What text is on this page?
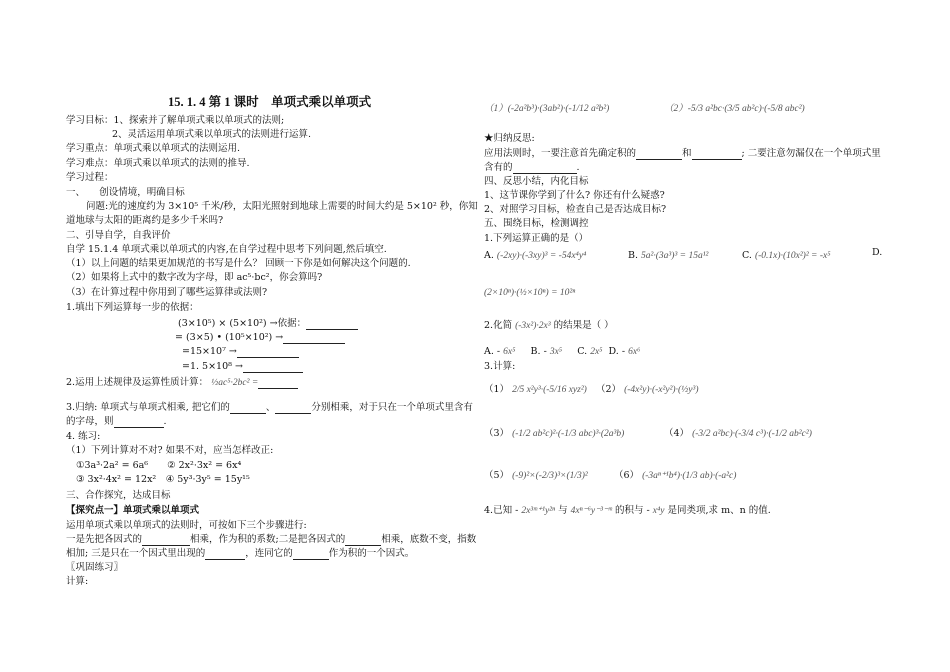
15. 1. 4 第 1 课时　单项式乘以单项式
学习目标：1、探索并了解单项式乘以单项式的法则;
2、灵活运用单项式乘以单项式的法则进行运算.
学习重点：单项式乘以单项式的法则运用.
学习难点：单项式乘以单项式的法则的推导.
学习过程：
一、　　创设情境，明确目标
问题:光的速度约为 3×10⁵ 千米/秒，太阳光照射到地球上需要的时间大约是 5×10² 秒，你知
道地球与太阳的距离约是多少千米吗?
二、引导自学，自我评价
自学 15.1.4 单项式乘以单项式的内容,在自学过程中思考下列问题,然后填空.
（1）以上问题的结果更加规范的书写是什么？ 回顾一下你是如何解决这个问题的.
（2）如果将上式中的数字改为字母，即 ac⁵·bc²，你会算吗?
（3）在计算过程中你用到了哪些运算律或法则?
1.填出下列运算每一步的依据：
(3×10⁵) × (5×10²) →依据：
= (3×5) • (10⁵×10²) →
=15×10⁷ →
=1. 5×10⁸ →
2.运用上述规律及运算性质计算： ½ac⁵·2bc² =
3.归纳: 单项式与单项式相乘, 把它们的	、	分别相乘，对于只在一个单项式里含有
的字母，则	.
4. 练习:
（1）下列计算对不对? 如果不对，应当怎样改正:
①3a³·2a² = 6a⁶　　② 2x²·3x² = 6x⁴
③ 3x²·4x² = 12x²　④ 5y³·3y⁵ = 15y¹⁵
三、合作探究，达成目标
【探究点一】单项式乘以单项式
运用单项式乘以单项式的法则时，可按如下三个步骤进行:
一是先把各因式的	相乘，作为积的系数;二是把各因式的	相乘，底数不变，指数
相加; 三是只在一个因式里出现的	，连同它的	作为积的一个因式。
〖巩固练习〗
计算:
（1）(-2a²b³)·(3ab²)·(-1/12 a²b²)	（2）-5/3 a²bc·(3/5 ab²c)·(-5/8 abc²)
★归纳反思:
应用法则时，一要注意首先确定积的	和	; 二要注意勿漏仅在一个单项式里
含有的	.
四、反思小结，内化目标
1、这节课你学到了什么? 你还有什么疑惑?
2、对照学习目标，检查自己是否达成目标?
五、围绕目标，检测调控
1.下列运算正确的是（）
A. (-2xy)·(-3xy)³ = -54x⁴y⁴	B. 5a²·(3a³)³ = 15a¹²	C. (-0.1x)·(10x²)² = -x⁵	D.
(2×10ⁿ)·(½×10ⁿ) = 10²ⁿ
2.化简 (-3x²)·2x³ 的结果是（ ）
A. - 6x⁵ B. - 3x⁵ C. 2x⁵ D. - 6x⁶
3.计算:
（1） 2/5 x²y³·(-5/16 xyz²) （2） (-4x²y)·(-x²y²)·(½y³)
（3） (-1/2 ab²c)²·(-1/3 abc)³·(2a³b)	（4） (-3/2 a²bc)·(-3/4 c³)·(-1/2 ab²c²)
（5） (-9)²×(-2/3)³×(1/3)²	（6） (-3aⁿ⁺¹b⁴)·(1/3 ab)·(-a²c)
4.已知 - 2x³ᵐ⁺¹y²ⁿ 与 4xⁿ⁻⁶y⁻³⁻ᵐ 的积与 - x⁴y 是同类项,求 m、n 的值.
